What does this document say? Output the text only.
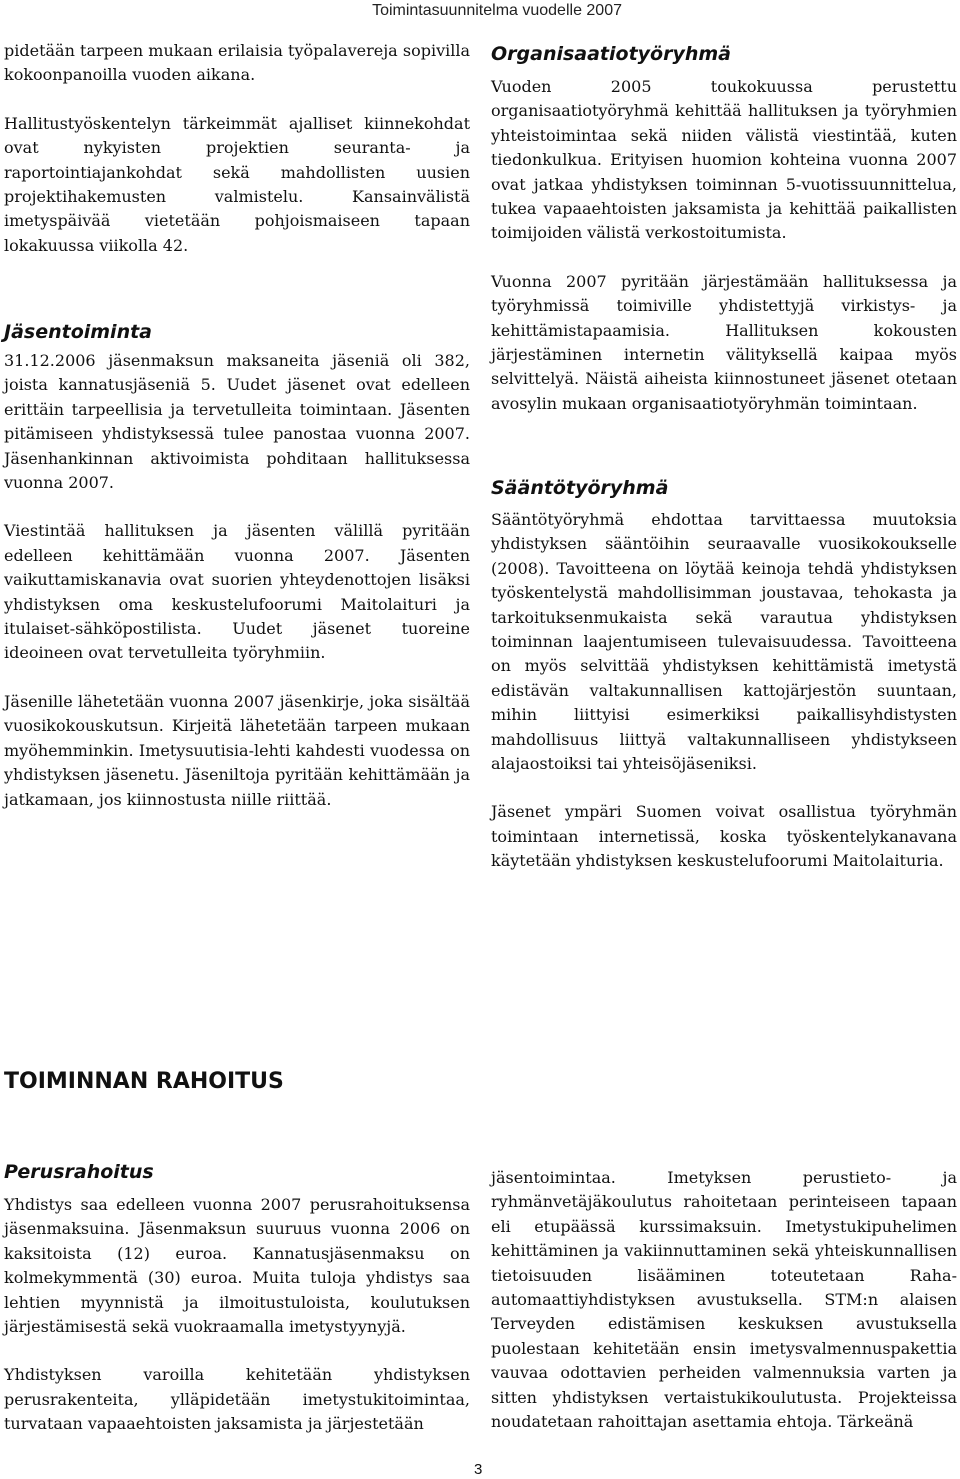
Toimintasuunnitelma vuodelle 2007

pidetään tarpeen mukaan erilaisia työpalavereja sopivilla kokoonpanoilla vuoden aikana.

Hallitustyöskentelyn tärkeimmät ajalliset kiinnekohdat ovat nykyisten projektien seuranta- ja raportointiajankohdat sekä mahdollisten uusien projektihakemusten valmistelu. Kansainvälistä imetyspäivää vietetään pohjoismaiseen tapaan lokakuussa viikolla 42.

Jäsentoiminta

31.12.2006 jäsenmaksun maksaneita jäseniä oli 382, joista kannatusjäseniä 5. Uudet jäsenet ovat edelleen erittäin tarpeellisia ja tervetulleita toimintaan. Jäsenten pitämiseen yhdistyksessä tulee panostaa vuonna 2007. Jäsenhankinnan aktivoimista pohditaan hallituksessa vuonna 2007.

Viestintää hallituksen ja jäsenten välillä pyritään edelleen kehittämään vuonna 2007. Jäsenten vaikuttamiskanavia ovat suorien yhteydenottojen lisäksi yhdistyksen oma keskustelufoorumi Maitolaituri ja itulaiset-sähköpostilista. Uudet jäsenet tuoreine ideoineen ovat tervetulleita työryhmiin.

Jäsenille lähetetään vuonna 2007 jäsenkirje, joka sisältää vuosikokouskutsun. Kirjeitä lähetetään tarpeen mukaan myöhemminkin. Imetysuutisia-lehti kahdesti vuodessa on yhdistyksen jäsenetu. Jäseniltoja pyritään kehittämään ja jatkamaan, jos kiinnostusta niille riittää.

Organisaatiotyöryhmä

Vuoden 2005 toukokuussa perustettu organisaatiotyöryhmä kehittää hallituksen ja työryhmien yhteistoimintaa sekä niiden välistä viestintää, kuten tiedonkulkua. Erityisen huomion kohteina vuonna 2007 ovat jatkaa yhdistyksen toiminnan 5-vuotissuunnittelua, tukea vapaaehtoisten jaksamista ja kehittää paikallisten toimijoiden välistä verkostoitumista.

Vuonna 2007 pyritään järjestämään hallituksessa ja työryhmissä toimiville yhdistettyjä virkistys- ja kehittämistapaamisia. Hallituksen kokousten järjestäminen internetin välityksellä kaipaa myös selvittelyä. Näistä aiheista kiinnostuneet jäsenet otetaan avosylin mukaan organisaatiotyöryhmän toimintaan.

Sääntötyöryhmä

Sääntötyöryhmä ehdottaa tarvittaessa muutoksia yhdistyksen sääntöihin seuraavalle vuosikokoukselle (2008). Tavoitteena on löytää keinoja tehdä yhdistyksen työskentelystä mahdollisimman joustavaa, tehokasta ja tarkoituksenmukaista sekä varautua yhdistyksen toiminnan laajentumiseen tulevaisuudessa. Tavoitteena on myös selvittää yhdistyksen kehittämistä imetystä edistävän valtakunnallisen kattojärjestön suuntaan, mihin liittyisi esimerkiksi paikallisyhdistysten mahdollisuus liittyä valtakunnalliseen yhdistykseen alajaostoiksi tai yhteisöjäseniksi.

Jäsenet ympäri Suomen voivat osallistua työryhmän toimintaan internetissä, koska työskentelykanavana käytetään yhdistyksen keskustelufoorumi Maitolaituria.

TOIMINNAN RAHOITUS
Perusrahoitus

Yhdistys saa edelleen vuonna 2007 perusrahoituksensa jäsenmaksuina. Jäsenmaksun suuruus vuonna 2006 on kaksitoista (12) euroa. Kannatusjäsenmaksu on kolmekymmentä (30) euroa. Muita tuloja yhdistys saa lehtien myynnistä ja ilmoitustuloista, koulutuksen järjestämisestä sekä vuokraamalla imetystyynyjä.

Yhdistyksen varoilla kehitetään yhdistyksen perusrakenteita, ylläpidetään imetystukitoimintaa, turvataan vapaaehtoisten jaksamista ja järjestetään

jäsentoimintaa. Imetyksen perustieto- ja ryhmänvetäjäkoulutus rahoitetaan perinteiseen tapaan eli etupäässä kurssimaksuin. Imetystukipuhelimen kehittäminen ja vakiinnuttaminen sekä yhteiskunnallisen tietoisuuden lisääminen toteutetaan Raha-automaattiyhdistyksen avustuksella. STM:n alaisen Terveyden edistämisen keskuksen avustuksella puolestaan kehitetään ensin imetysvalmennuspakettia vauvaa odottavien perheiden valmennuksia varten ja sitten yhdistyksen vertaistukikoulutusta. Projekteissa noudatetaan rahoittajan asettamia ehtoja. Tärkeänä

3
